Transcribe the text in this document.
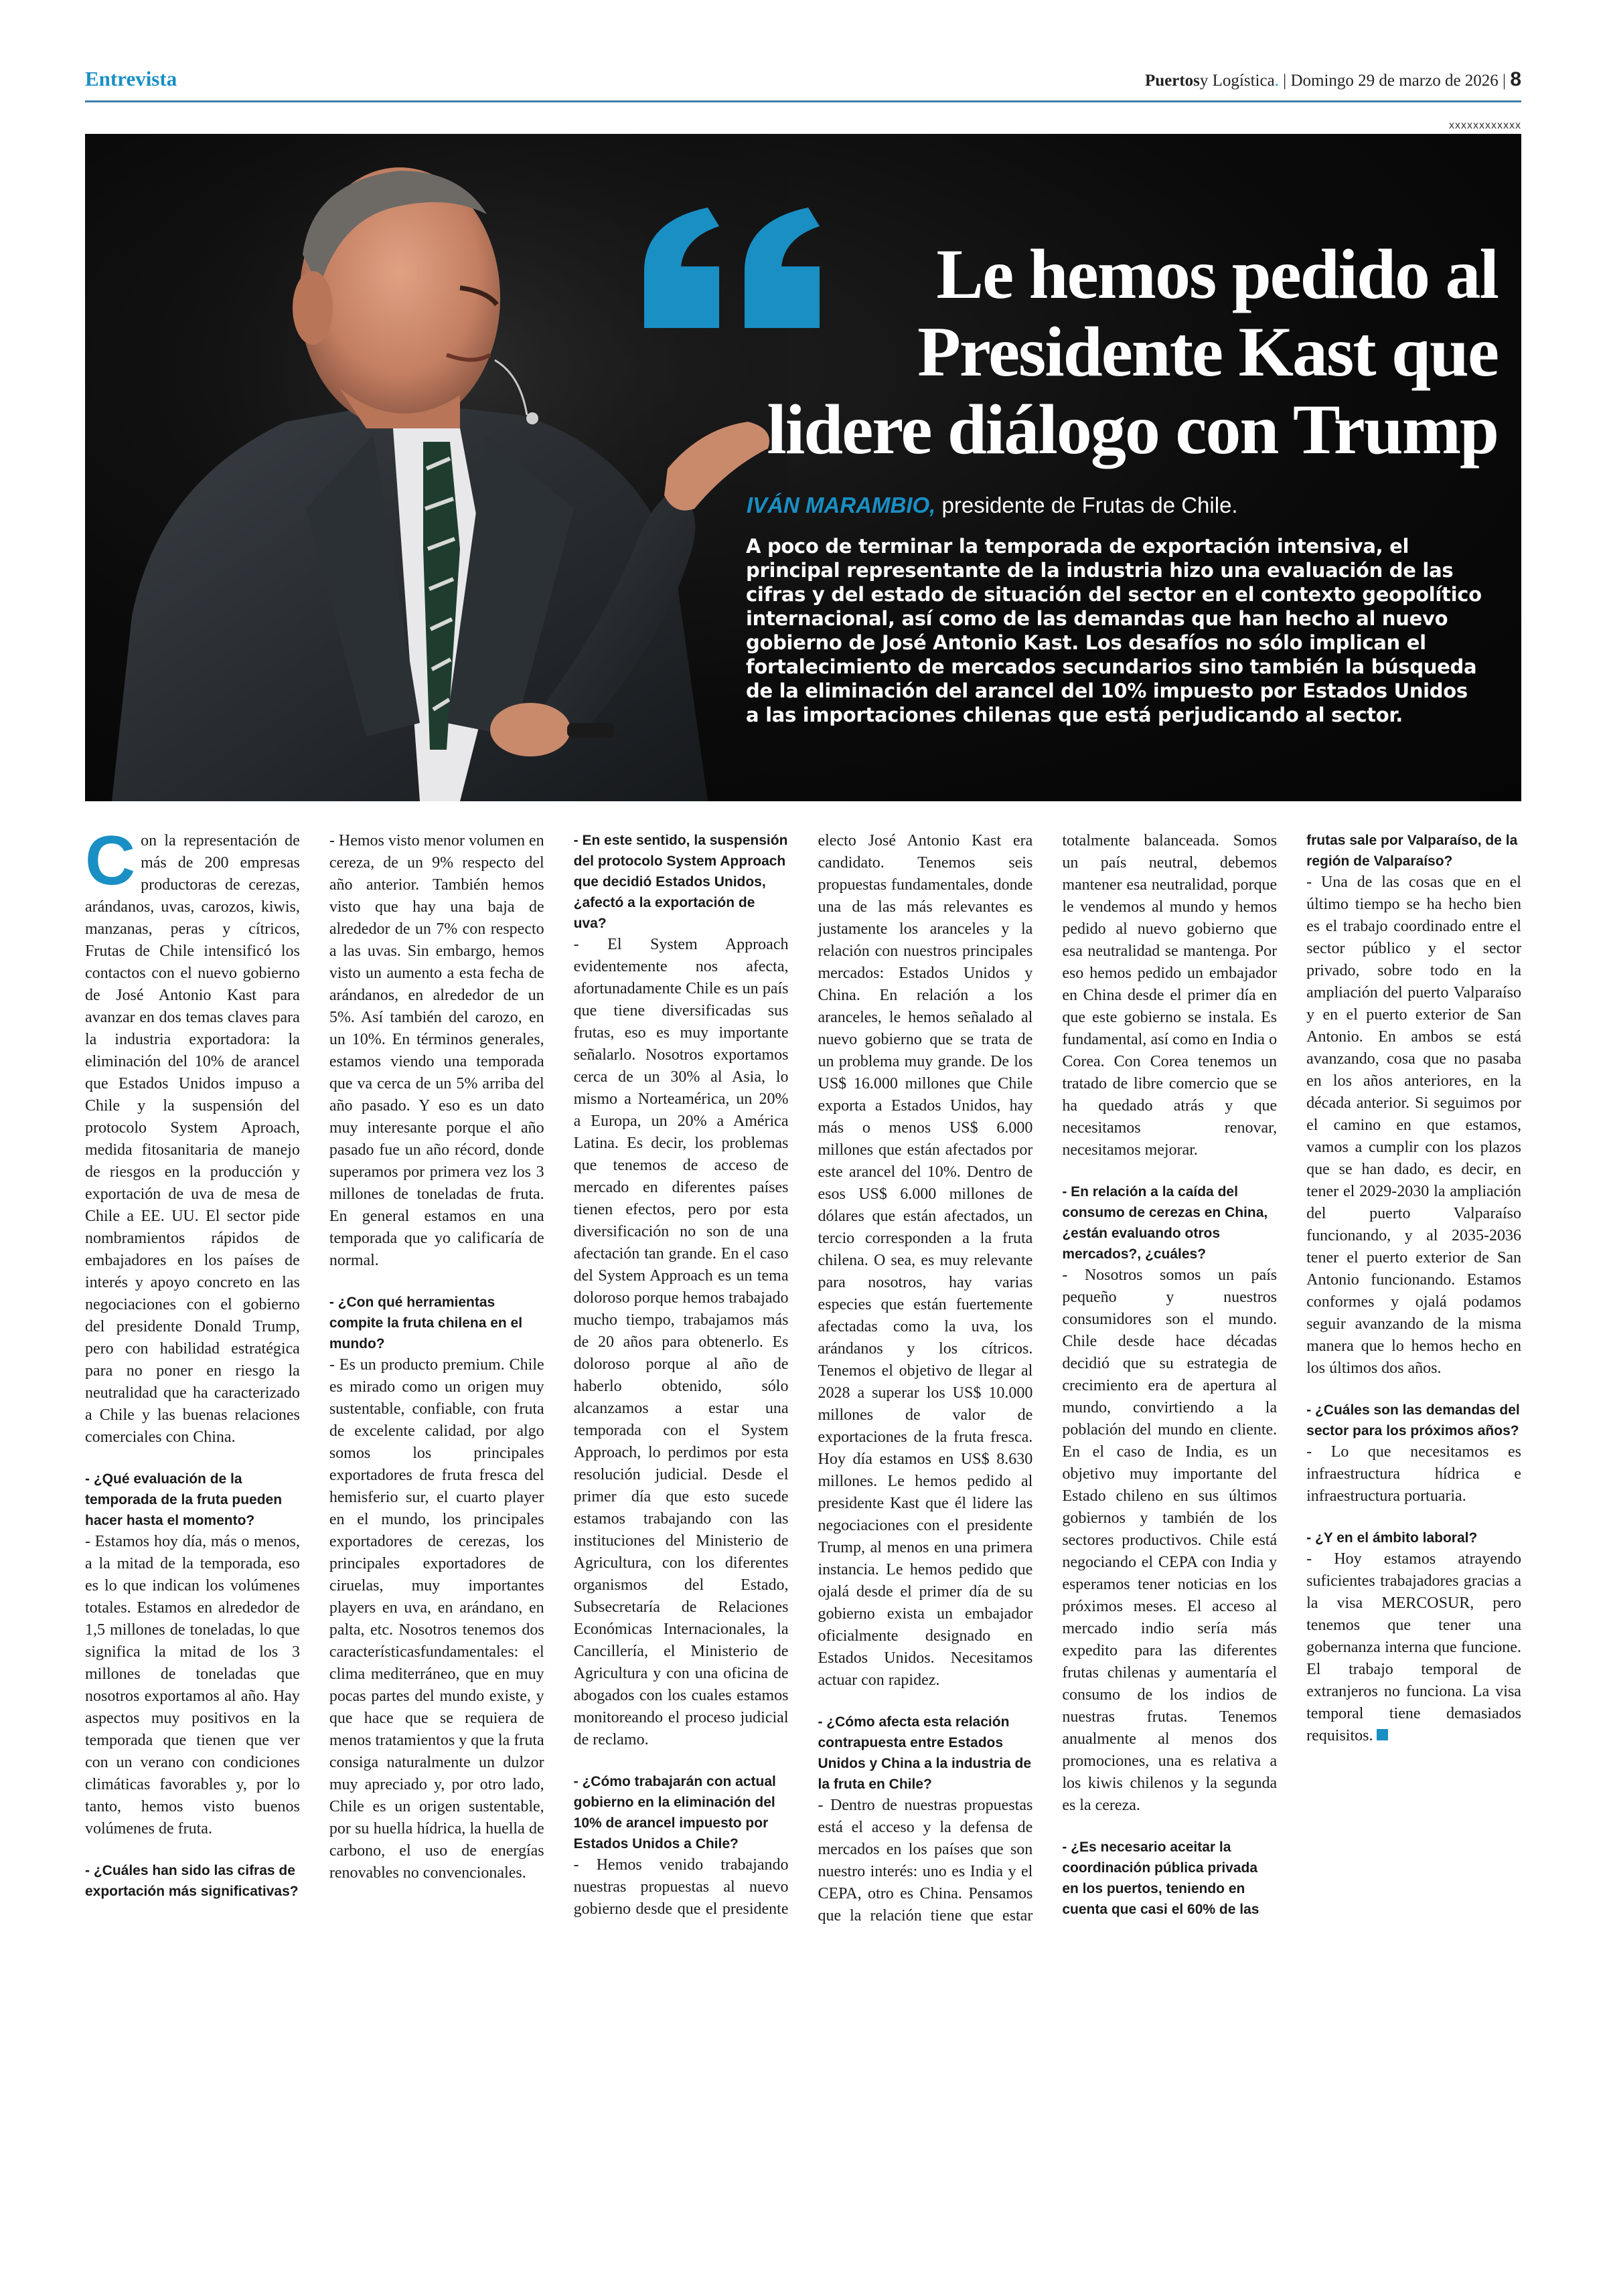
Entrevista	Puertosy Logística. | Domingo 29 de marzo de 2026 | 8
xxxxxxxxxxxx
Le hemos pedido al
Presidente Kast que
lidere diálogo con Trump
IVÁN MARAMBIO, presidente de Frutas de Chile.

A poco de terminar la temporada de exportación intensiva, el principal representante de la industria hizo una evaluación de las cifras y del estado de situación del sector en el contexto geopolítico internacional, así como de las demandas que han hecho al nuevo gobierno de José Antonio Kast. Los desafíos no sólo implican el fortalecimiento de mercados secundarios sino también la búsqueda de la eliminación del arancel del 10% impuesto por Estados Unidos a las importaciones chilenas que está perjudicando al sector.

Con la representación de más de 200 empresas productoras de cerezas, arándanos, uvas, carozos, kiwis, manzanas, peras y cítricos, Frutas de Chile intensificó los contactos con el nuevo gobierno de José Antonio Kast para avanzar en dos temas claves para la industria exportadora: la eliminación del 10% de arancel que Estados Unidos impuso a Chile y la suspensión del protocolo System Aproach, medida fitosanitaria de manejo de riesgos en la producción y exportación de uva de mesa de Chile a EE. UU. El sector pide nombramientos rápidos de embajadores en los países de interés y apoyo concreto en las negociaciones con el gobierno del presidente Donald Trump, pero con habilidad estratégica para no poner en riesgo la neutralidad que ha caracterizado a Chile y las buenas relaciones comerciales con China.

- ¿Qué evaluación de la temporada de la fruta pueden hacer hasta el momento?

- Estamos hoy día, más o menos, a la mitad de la temporada, eso es lo que indican los volúmenes totales. Estamos en alrededor de 1,5 millones de toneladas, lo que significa la mitad de los 3 millones de toneladas que nosotros exportamos al año. Hay aspectos muy positivos en la temporada que tienen que ver con un verano con condiciones climáticas favorables y, por lo tanto, hemos visto buenos volúmenes de fruta.

- ¿Cuáles han sido las cifras de exportación más significativas?

- Hemos visto menor volumen en cereza, de un 9% respecto del año anterior. También hemos visto que hay una baja de alrededor de un 7% con respecto a las uvas. Sin embargo, hemos visto un aumento a esta fecha de arándanos, en alrededor de un 5%. Así también del carozo, en un 10%. En términos generales, estamos viendo una temporada que va cerca de un 5% arriba del año pasado. Y eso es un dato muy interesante porque el año pasado fue un año récord, donde superamos por primera vez los 3 millones de toneladas de fruta. En general estamos en una temporada que yo calificaría de normal.

- ¿Con qué herramientas compite la fruta chilena en el mundo?

- Es un producto premium. Chile es mirado como un origen muy sustentable, confiable, con fruta de excelente calidad, por algo somos los principales exportadores de fruta fresca del hemisferio sur, el cuarto player en el mundo, los principales exportadores de cerezas, los principales exportadores de ciruelas, muy importantes players en uva, en arándano, en palta, etc. Nosotros tenemos dos característicasfundamentales: el clima mediterráneo, que en muy pocas partes del mundo existe, y que hace que se requiera de menos tratamientos y que la fruta consiga naturalmente un dulzor muy apreciado y, por otro lado, Chile es un origen sustentable, por su huella hídrica, la huella de carbono, el uso de energías renovables no convencionales.

- En este sentido, la suspensión del protocolo System Approach que decidió Estados Unidos, ¿afectó a la exportación de uva?

- El System Approach evidentemente nos afecta, afortunadamente Chile es un país que tiene diversificadas sus frutas, eso es muy importante señalarlo. Nosotros exportamos cerca de un 30% al Asia, lo mismo a Norteamérica, un 20% a Europa, un 20% a América Latina. Es decir, los problemas que tenemos de acceso de mercado en diferentes países tienen efectos, pero por esta diversificación no son de una afectación tan grande. En el caso del System Approach es un tema doloroso porque hemos trabajado mucho tiempo, trabajamos más de 20 años para obtenerlo. Es doloroso porque al año de haberlo obtenido, sólo alcanzamos a estar una temporada con el System Approach, lo perdimos por esta resolución judicial. Desde el primer día que esto sucede estamos trabajando con las instituciones del Ministerio de Agricultura, con los diferentes organismos del Estado, Subsecretaría de Relaciones Económicas Internacionales, la Cancillería, el Ministerio de Agricultura y con una oficina de abogados con los cuales estamos monitoreando el proceso judicial de reclamo.

- ¿Cómo trabajarán con actual gobierno en la eliminación del 10% de arancel impuesto por Estados Unidos a Chile?

- Hemos venido trabajando nuestras propuestas al nuevo gobierno desde que el presidente electo José Antonio Kast era candidato. Tenemos seis propuestas fundamentales, donde una de las más relevantes es justamente los aranceles y la relación con nuestros principales mercados: Estados Unidos y China. En relación a los aranceles, le hemos señalado al nuevo gobierno que se trata de un problema muy grande. De los US$ 16.000 millones que Chile exporta a Estados Unidos, hay más o menos US$ 6.000 millones que están afectados por este arancel del 10%. Dentro de esos US$ 6.000 millones de dólares que están afectados, un tercio corresponden a la fruta chilena. O sea, es muy relevante para nosotros, hay varias especies que están fuertemente afectadas como la uva, los arándanos y los cítricos. Tenemos el objetivo de llegar al 2028 a superar los US$ 10.000 millones de valor de exportaciones de la fruta fresca. Hoy día estamos en US$ 8.630 millones. Le hemos pedido al presidente Kast que él lidere las negociaciones con el presidente Trump, al menos en una primera instancia. Le hemos pedido que ojalá desde el primer día de su gobierno exista un embajador oficialmente designado en Estados Unidos. Necesitamos actuar con rapidez.

- ¿Cómo afecta esta relación contrapuesta entre Estados Unidos y China a la industria de la fruta en Chile?

- Dentro de nuestras propuestas está el acceso y la defensa de mercados en los países que son nuestro interés: uno es India y el CEPA, otro es China. Pensamos que la relación tiene que estar totalmente balanceada. Somos un país neutral, debemos mantener esa neutralidad, porque le vendemos al mundo y hemos pedido al nuevo gobierno que esa neutralidad se mantenga. Por eso hemos pedido un embajador en China desde el primer día en que este gobierno se instala. Es fundamental, así como en India o Corea. Con Corea tenemos un tratado de libre comercio que se ha quedado atrás y que necesitamos renovar, necesitamos mejorar.

- En relación a la caída del consumo de cerezas en China, ¿están evaluando otros mercados?, ¿cuáles?

- Nosotros somos un país pequeño y nuestros consumidores son el mundo. Chile desde hace décadas decidió que su estrategia de crecimiento era de apertura al mundo, convirtiendo a la población del mundo en cliente. En el caso de India, es un objetivo muy importante del Estado chileno en sus últimos gobiernos y también de los sectores productivos. Chile está negociando el CEPA con India y esperamos tener noticias en los próximos meses. El acceso al mercado indio sería más expedito para las diferentes frutas chilenas y aumentaría el consumo de los indios de nuestras frutas. Tenemos anualmente al menos dos promociones, una es relativa a los kiwis chilenos y la segunda es la cereza.

- ¿Es necesario aceitar la coordinación pública privada en los puertos, teniendo en cuenta que casi el 60% de las frutas sale por Valparaíso, de la región de Valparaíso?

- Una de las cosas que en el último tiempo se ha hecho bien es el trabajo coordinado entre el sector público y el sector privado, sobre todo en la ampliación del puerto Valparaíso y en el puerto exterior de San Antonio. En ambos se está avanzando, cosa que no pasaba en los años anteriores, en la década anterior. Si seguimos por el camino en que estamos, vamos a cumplir con los plazos que se han dado, es decir, en tener el 2029-2030 la ampliación del puerto Valparaíso funcionando, y al 2035-2036 tener el puerto exterior de San Antonio funcionando. Estamos conformes y ojalá podamos seguir avanzando de la misma manera que lo hemos hecho en los últimos dos años.

- ¿Cuáles son las demandas del sector para los próximos años?

- Lo que necesitamos es infraestructura hídrica e infraestructura portuaria.

- ¿Y en el ámbito laboral?

- Hoy estamos atrayendo suficientes trabajadores gracias a la visa MERCOSUR, pero tenemos que tener una gobernanza interna que funcione. El trabajo temporal de extranjeros no funciona. La visa temporal tiene demasiados requisitos.
